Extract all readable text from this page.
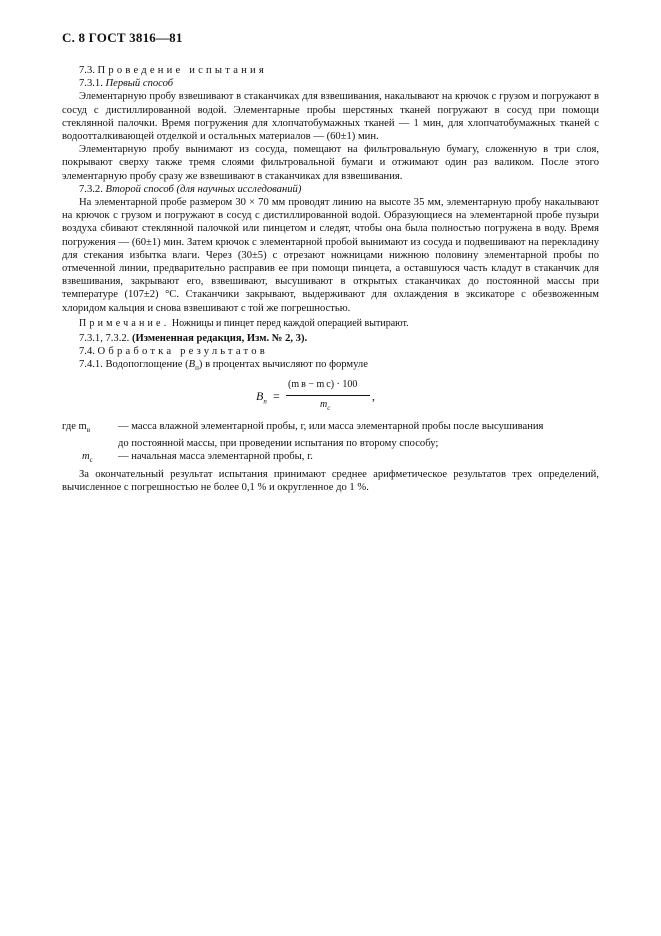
С. 8 ГОСТ 3816—81

7.3. Проведение испытания

7.3.1. Первый способ

Элементарную пробу взвешивают в стаканчиках для взвешивания, накалывают на крючок с грузом и погружают в сосуд с дистиллированной водой. Элементарные пробы шерстяных тканей погружают в сосуд при помощи стеклянной палочки. Время погружения для хлопчатобумажных тканей — 1 мин, для хлопчатобумажных тканей с водоотталкивающей отделкой и остальных материалов — (60±1) мин.

Элементарную пробу вынимают из сосуда, помещают на фильтровальную бумагу, сложенную в три слоя, покрывают сверху также тремя слоями фильтровальной бумаги и отжимают один раз валиком. После этого элементарную пробу сразу же взвешивают в стаканчиках для взвешивания.

7.3.2. Второй способ (для научных исследований)

На элементарной пробе размером 30 × 70 мм проводят линию на высоте 35 мм, элементарную пробу накалывают на крючок с грузом и погружают в сосуд с дистиллированной водой. Образующиеся на элементарной пробе пузыри воздуха сбивают стеклянной палочкой или пинцетом и следят, чтобы она была полностью погружена в воду. Время погружения — (60±1) мин. Затем крючок с элементарной пробой вынимают из сосуда и подвешивают на перекладину для стекания избытка влаги. Через (30±5) с отрезают ножницами нижнюю половину элементарной пробы по отмеченной линии, предварительно расправив ее при помощи пинцета, а оставшуюся часть кладут в стаканчик для взвешивания, закрывают его, взвешивают, высушивают в открытых стаканчиках до постоянной массы при температуре (107±2) °С. Стаканчики закрывают, выдерживают для охлаждения в эксикаторе с обезвоженным хлоридом кальция и снова взвешивают с той же погрешностью.

Примечание. Ножницы и пинцет перед каждой операцией вытирают.

7.3.1, 7.3.2. (Измененная редакция, Изм. № 2, 3).

7.4. Обработка результатов

7.4.1. Водопоглощение $(B_п)$ в процентах вычисляют по формуле

$B_п$ =
(m в − m с) · 100
$m_с$
,
где $m_в$	— масса влажной элементарной пробы, г, или масса элементарной пробы после высушивания
до постоянной массы, при проведении испытания по второму способу;
$m_с$	— начальная масса элементарной пробы, г.

За окончательный результат испытания принимают среднее арифметическое результатов трех определений, вычисленное с погрешностью не более 0,1 % и округленное до 1 %.
